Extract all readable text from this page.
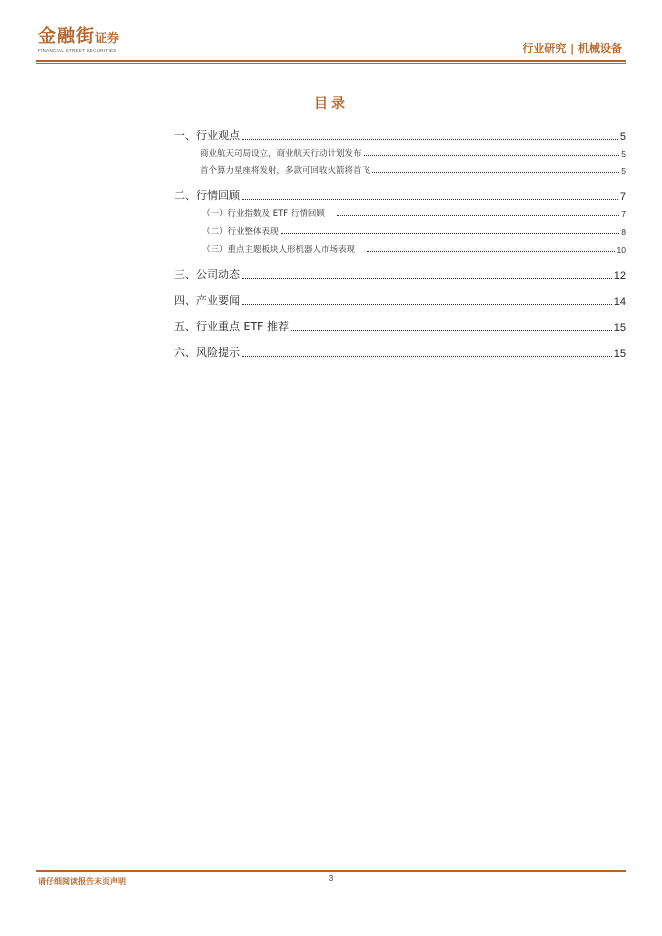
金融街证券
FINANCIAL STREET SECURITIES	行业研究 | 机械设备
目录
一、行业观点	5
商业航天司局设立，商业航天行动计划发布	5
首个算力星座将发射，多款可回收火箭将首飞	5
二、行情回顾	7
（一）行业指数及 ETF 行情回顾	7
（二）行业整体表现	8
（三）重点主题板块人形机器人市场表现	10
三、公司动态	12
四、产业要闻	14
五、行业重点 ETF 推荐	15
六、风险提示	15
请仔细阅读报告末页声明	3
